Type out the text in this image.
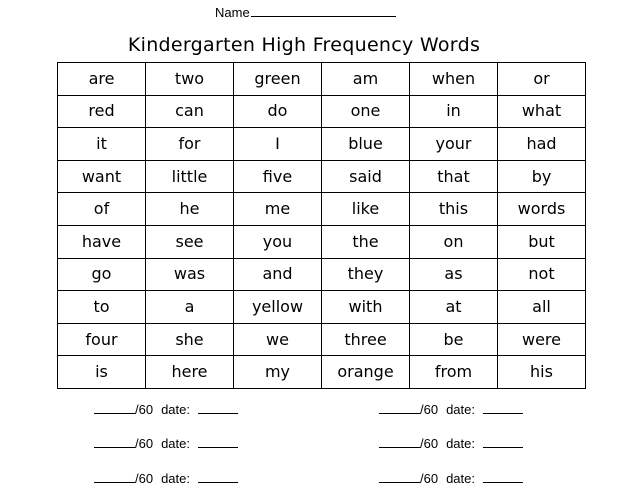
Name
Kindergarten High Frequency Words
are	two	green	am	when	or
red	can	do	one	in	what
it	for	I	blue	your	had
want	little	five	said	that	by
of	he	me	like	this	words
have	see	you	the	on	but
go	was	and	they	as	not
to	a	yellow	with	at	all
four	she	we	three	be	were
is	here	my	orange	from	his
/60 date:	/60 date:
/60 date:	/60 date:
/60 date:	/60 date:
